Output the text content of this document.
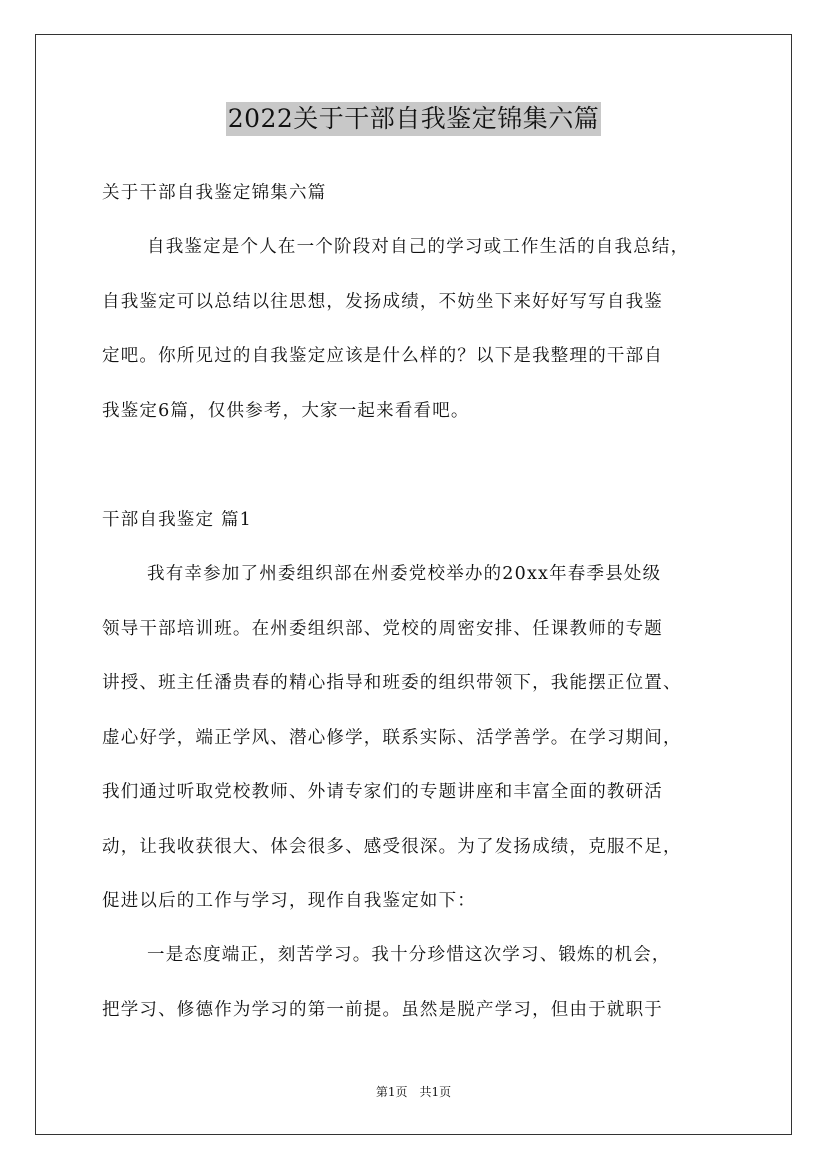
2022关于干部自我鉴定锦集六篇
关于干部自我鉴定锦集六篇
自我鉴定是个人在一个阶段对自己的学习或工作生活的自我总结，
自我鉴定可以总结以往思想，发扬成绩，不妨坐下来好好写写自我鉴
定吧。你所见过的自我鉴定应该是什么样的？以下是我整理的干部自
我鉴定6篇，仅供参考，大家一起来看看吧。
干部自我鉴定 篇1
我有幸参加了州委组织部在州委党校举办的20xx年春季县处级
领导干部培训班。在州委组织部、党校的周密安排、任课教师的专题
讲授、班主任潘贵春的精心指导和班委的组织带领下，我能摆正位置、
虚心好学，端正学风、潜心修学，联系实际、活学善学。在学习期间，
我们通过听取党校教师、外请专家们的专题讲座和丰富全面的教研活
动，让我收获很大、体会很多、感受很深。为了发扬成绩，克服不足，
促进以后的工作与学习，现作自我鉴定如下：
一是态度端正，刻苦学习。我十分珍惜这次学习、锻炼的机会，
把学习、修德作为学习的第一前提。虽然是脱产学习，但由于就职于
第1页　共1页
